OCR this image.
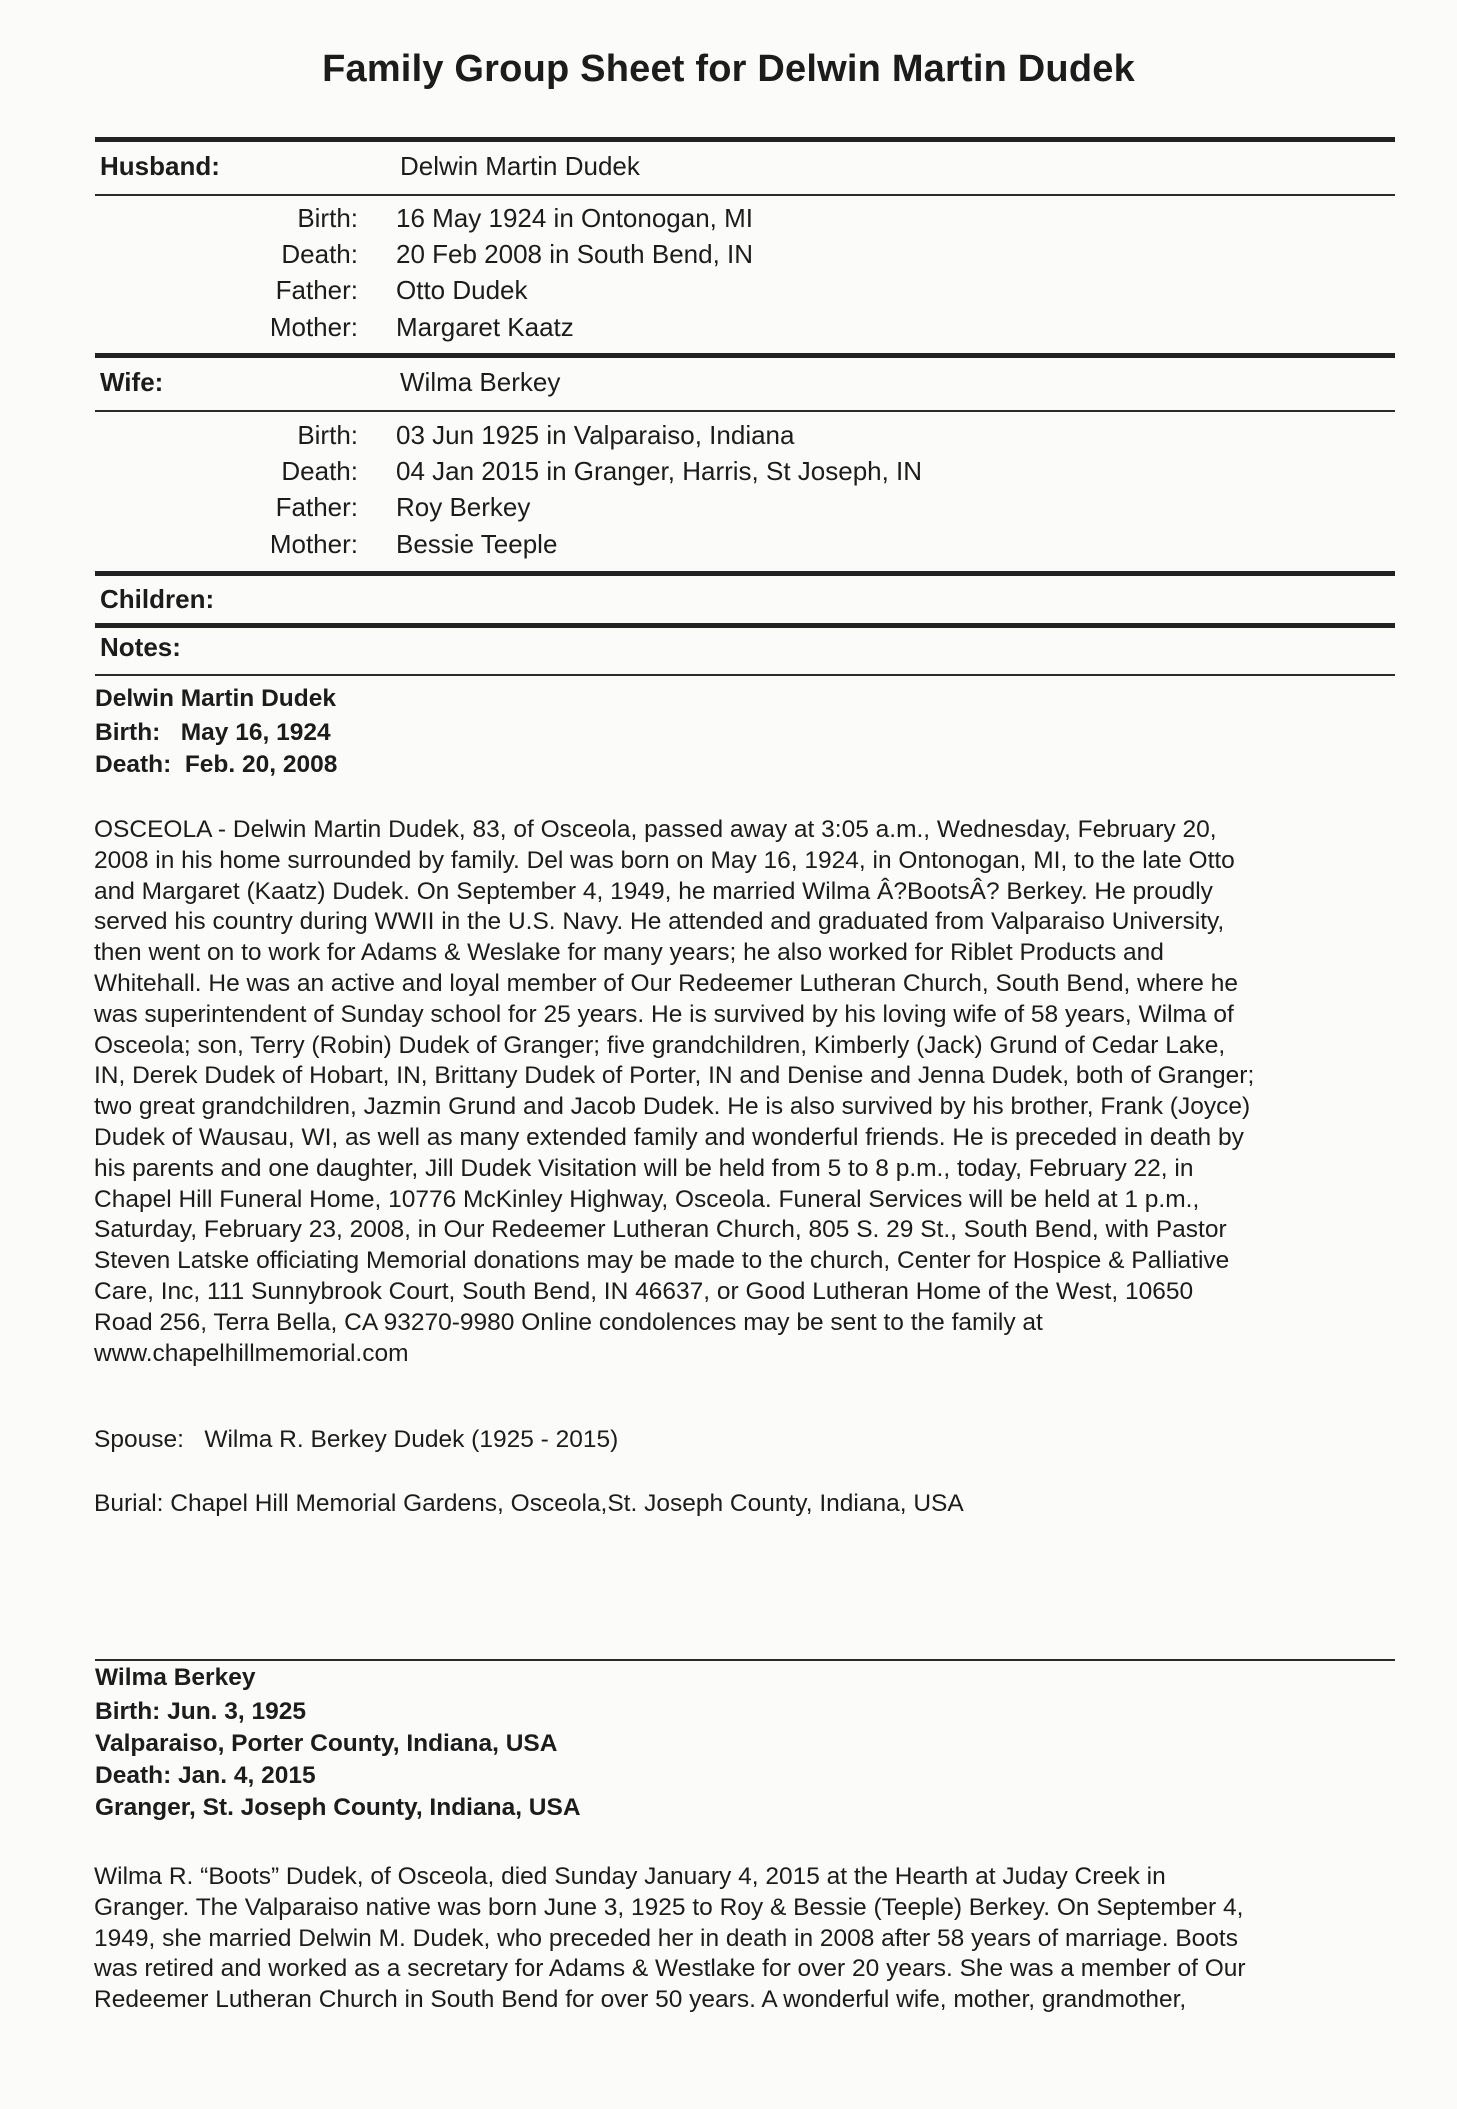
Family Group Sheet for Delwin Martin Dudek
Husband:	Delwin Martin Dudek
Birth: 16 May 1924 in Ontonogan, MI
Death: 20 Feb 2008 in South Bend, IN
Father: Otto Dudek
Mother: Margaret Kaatz
Wife:	Wilma Berkey
Birth: 03 Jun 1925 in Valparaiso, Indiana
Death: 04 Jan 2015 in Granger, Harris, St Joseph, IN
Father: Roy Berkey
Mother: Bessie Teeple
Children:
Notes:
Delwin Martin Dudek
Birth:   May 16, 1924
Death:  Feb. 20, 2008
OSCEOLA - Delwin Martin Dudek, 83, of Osceola, passed away at 3:05 a.m., Wednesday, February 20,
2008 in his home surrounded by family. Del was born on May 16, 1924, in Ontonogan, MI, to the late Otto
and Margaret (Kaatz) Dudek. On September 4, 1949, he married Wilma Â?BootsÂ? Berkey. He proudly
served his country during WWII in the U.S. Navy. He attended and graduated from Valparaiso University,
then went on to work for Adams & Weslake for many years; he also worked for Riblet Products and
Whitehall. He was an active and loyal member of Our Redeemer Lutheran Church, South Bend, where he
was superintendent of Sunday school for 25 years. He is survived by his loving wife of 58 years, Wilma of
Osceola; son, Terry (Robin) Dudek of Granger; five grandchildren, Kimberly (Jack) Grund of Cedar Lake,
IN, Derek Dudek of Hobart, IN, Brittany Dudek of Porter, IN and Denise and Jenna Dudek, both of Granger;
two great grandchildren, Jazmin Grund and Jacob Dudek. He is also survived by his brother, Frank (Joyce)
Dudek of Wausau, WI, as well as many extended family and wonderful friends. He is preceded in death by
his parents and one daughter, Jill Dudek Visitation will be held from 5 to 8 p.m., today, February 22, in
Chapel Hill Funeral Home, 10776 McKinley Highway, Osceola. Funeral Services will be held at 1 p.m.,
Saturday, February 23, 2008, in Our Redeemer Lutheran Church, 805 S. 29 St., South Bend, with Pastor
Steven Latske officiating Memorial donations may be made to the church, Center for Hospice & Palliative
Care, Inc, 111 Sunnybrook Court, South Bend, IN 46637, or Good Lutheran Home of the West, 10650
Road 256, Terra Bella, CA 93270-9980 Online condolences may be sent to the family at
www.chapelhillmemorial.com
Spouse:   Wilma R. Berkey Dudek (1925 - 2015)
Burial: Chapel Hill Memorial Gardens, Osceola,St. Joseph County, Indiana, USA
Wilma Berkey
Birth: Jun. 3, 1925
Valparaiso, Porter County, Indiana, USA
Death: Jan. 4, 2015
Granger, St. Joseph County, Indiana, USA
Wilma R. “Boots” Dudek, of Osceola, died Sunday January 4, 2015 at the Hearth at Juday Creek in
Granger. The Valparaiso native was born June 3, 1925 to Roy & Bessie (Teeple) Berkey. On September 4,
1949, she married Delwin M. Dudek, who preceded her in death in 2008 after 58 years of marriage. Boots
was retired and worked as a secretary for Adams & Westlake for over 20 years. She was a member of Our
Redeemer Lutheran Church in South Bend for over 50 years. A wonderful wife, mother, grandmother,
